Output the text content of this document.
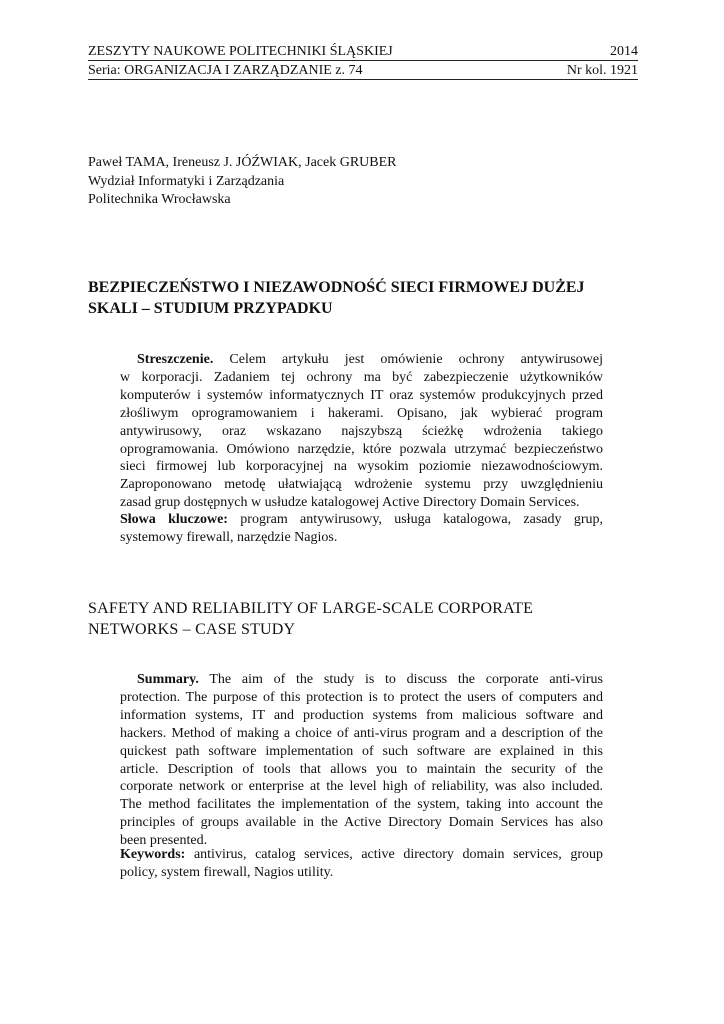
ZESZYTY NAUKOWE POLITECHNIKI ŚLĄSKIEJ	2014
Seria: ORGANIZACJA I ZARZĄDZANIE z. 74	Nr kol. 1921
Paweł TAMA, Ireneusz J. JÓŹWIAK, Jacek GRUBER
Wydział Informatyki i Zarządzania
Politechnika Wrocławska
BEZPIECZEŃSTWO I NIEZAWODNOŚĆ SIECI FIRMOWEJ DUŻEJ
SKALI – STUDIUM PRZYPADKU
Streszczenie. Celem artykułu jest omówienie ochrony antywirusowej
w korporacji. Zadaniem tej ochrony ma być zabezpieczenie użytkowników
komputerów i systemów informatycznych IT oraz systemów produkcyjnych przed
złośliwym oprogramowaniem i hakerami. Opisano, jak wybierać program
antywirusowy, oraz wskazano najszybszą ścieżkę wdrożenia takiego
oprogramowania. Omówiono narzędzie, które pozwala utrzymać bezpieczeństwo
sieci firmowej lub korporacyjnej na wysokim poziomie niezawodnościowym.
Zaproponowano metodę ułatwiającą wdrożenie systemu przy uwzględnieniu
zasad grup dostępnych w usłudze katalogowej Active Directory Domain Services.
Słowa kluczowe: program antywirusowy, usługa katalogowa, zasady grup,
systemowy firewall, narzędzie Nagios.
SAFETY AND RELIABILITY OF LARGE-SCALE CORPORATE
NETWORKS – CASE STUDY
Summary. The aim of the study is to discuss the corporate anti-virus
protection. The purpose of this protection is to protect the users of computers and
information systems, IT and production systems from malicious software and
hackers. Method of making a choice of anti-virus program and a description of the
quickest path software implementation of such software are explained in this
article. Description of tools that allows you to maintain the security of the
corporate network or enterprise at the level high of reliability, was also included.
The method facilitates the implementation of the system, taking into account the
principles of groups available in the Active Directory Domain Services has also
been presented.
Keywords: antivirus, catalog services, active directory domain services, group
policy, system firewall, Nagios utility.
